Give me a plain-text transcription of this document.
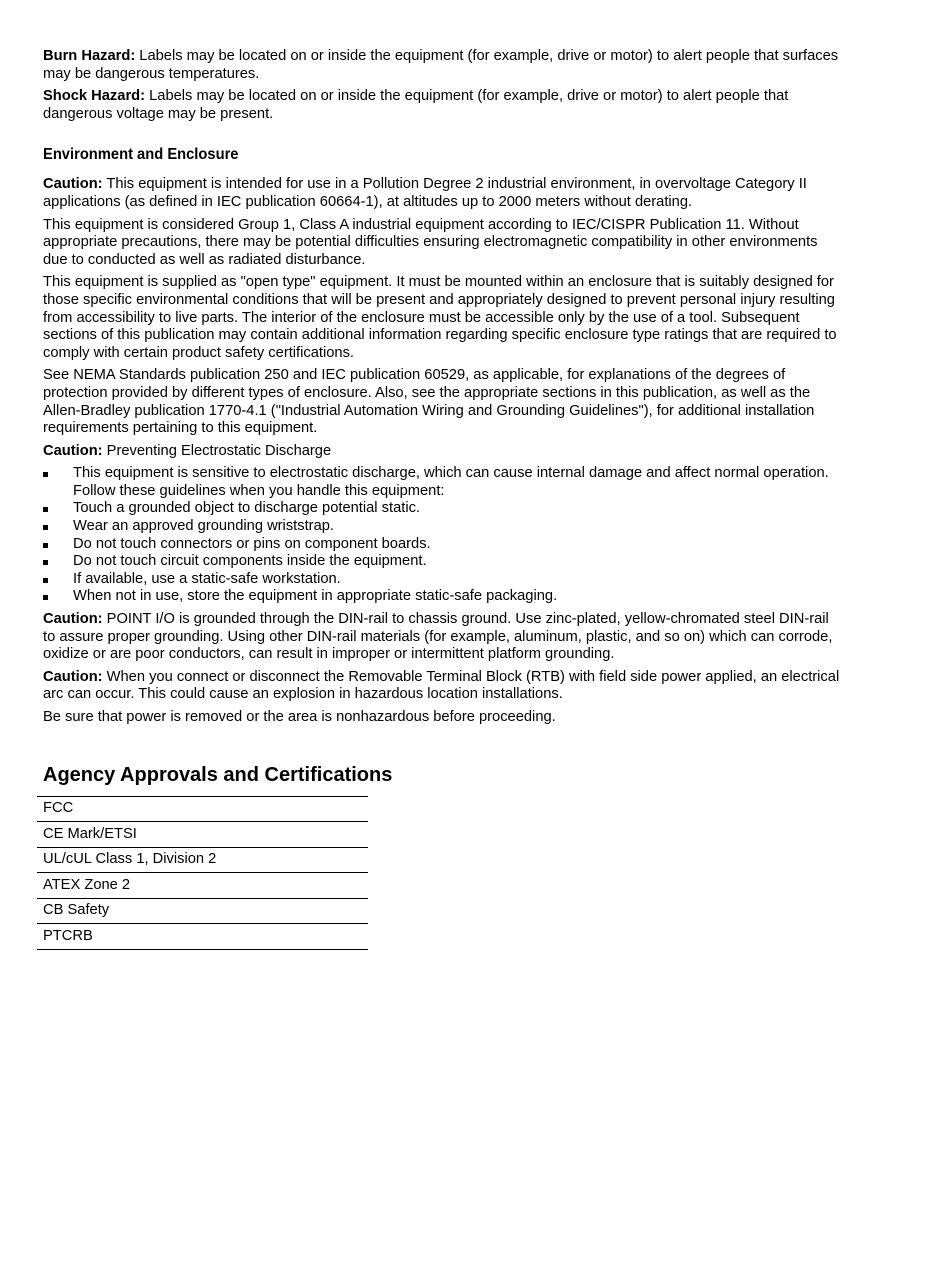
Burn Hazard: Labels may be located on or inside the equipment (for example, drive or motor) to alert people that surfaces may be dangerous temperatures.

Shock Hazard: Labels may be located on or inside the equipment (for example, drive or motor) to alert people that dangerous voltage may be present.

Environment and Enclosure

Caution: This equipment is intended for use in a Pollution Degree 2 industrial environment, in overvoltage Category II applications (as defined in IEC publication 60664-1), at altitudes up to 2000 meters without derating.

This equipment is considered Group 1, Class A industrial equipment according to IEC/CISPR Publication 11. Without appropriate precautions, there may be potential difficulties ensuring electromagnetic compatibility in other environments due to conducted as well as radiated disturbance.

This equipment is supplied as "open type" equipment. It must be mounted within an enclosure that is suitably designed for those specific environmental conditions that will be present and appropriately designed to prevent personal injury resulting from accessibility to live parts. The interior of the enclosure must be accessible only by the use of a tool. Subsequent sections of this publication may contain additional information regarding specific enclosure type ratings that are required to comply with certain product safety certifications.

See NEMA Standards publication 250 and IEC publication 60529, as applicable, for explanations of the degrees of protection provided by different types of enclosure. Also, see the appropriate sections in this publication, as well as the Allen-Bradley publication 1770-4.1 ("Industrial Automation Wiring and Grounding Guidelines"), for additional installation requirements pertaining to this equipment.

Caution: Preventing Electrostatic Discharge

This equipment is sensitive to electrostatic discharge, which can cause internal damage and affect normal operation. Follow these guidelines when you handle this equipment:
Touch a grounded object to discharge potential static.
Wear an approved grounding wriststrap.
Do not touch connectors or pins on component boards.
Do not touch circuit components inside the equipment.
If available, use a static-safe workstation.
When not in use, store the equipment in appropriate static-safe packaging.

Caution: POINT I/O is grounded through the DIN-rail to chassis ground. Use zinc-plated, yellow-chromated steel DIN-rail to assure proper grounding. Using other DIN-rail materials (for example, aluminum, plastic, and so on) which can corrode, oxidize or are poor conductors, can result in improper or intermittent platform grounding.

Caution: When you connect or disconnect the Removable Terminal Block (RTB) with field side power applied, an electrical arc can occur. This could cause an explosion in hazardous location installations.

Be sure that power is removed or the area is nonhazardous before proceeding.

Agency Approvals and Certifications
FCC
CE Mark/ETSI
UL/cUL Class 1, Division 2
ATEX Zone 2
CB Safety
PTCRB
